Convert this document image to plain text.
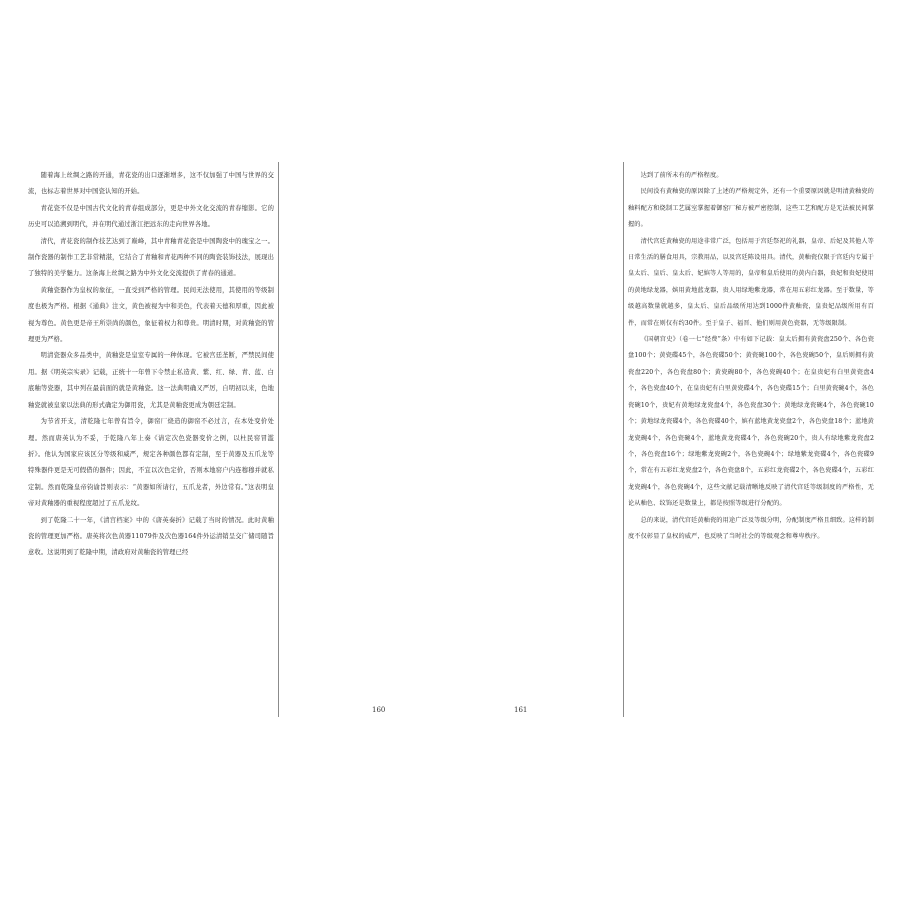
随着海上丝绸之路的开通，青花瓷的出口逐渐增多，这不仅加强了中国与世界的交流，也标志着世界对中国瓷认知的开始。

青花瓷不仅是中国古代文化的青春组成部分，更是中外文化交流的青春缩影。它的历史可以追溯到明代，并在明代通过浙江把远东的走向世界各地。

清代，青花瓷的制作技艺达到了巅峰，其中青釉青花瓷是中国陶瓷中的瑰宝之一。制作瓷器的制作工艺非常精湛，它结合了青釉和青花两种不同的陶瓷装饰技法，展现出了独特的美学魅力。这条海上丝绸之路为中外文化交流提供了青春的通道。

黄釉瓷器作为皇权的象征，一直受到严格的管理。民间无法使用，其使用的等级制度也极为严格。根据《通典》注文，黄色被视为中和美色，代表着天德和厚重，因此被视为尊色。黄色更是帝王所崇尚的颜色，象征着权力和尊贵。明清时期，对黄釉瓷的管理更为严格。

明清瓷器众多品类中，黄釉瓷是皇室专属的一种体现。它被宫廷垄断，严禁民间使用。据《明英宗实录》记载，正统十一年曾下令禁止私造黄、紫、红、绿、青、蓝、白底釉等瓷器，其中列在最前面的就是黄釉瓷。这一法典明确又严厉，自明初以来，色地釉瓷就被皇家以法典的形式确定为御用瓷，尤其是黄釉瓷更成为朝廷定制。

为节省开支，清乾隆七年曾有旨令，御窑厂烧造的御窑不必过言，在本处变价处理。然而唐英认为不妥，于乾隆八年上奏《请定次色瓷器变价之例，以杜民窑冒滥折》。他认为国家应该区分等级和威严，规定各种颜色都有定制，至于黄器及五爪龙等特殊器件更是无可假借的器件；因此，不宜以次色定价，否则本地窑户内连穆穆并就私定制。然而乾隆皇帝钧谕旨则表示：“黄器如所请行，五爪龙者，外边常有。”这表明皇帝对黄釉器的重视程度超过了五爪龙纹。

到了乾隆二十一年，《清宫档案》中的《唐英奏折》记载了当时的情况。此时黄釉瓷的管理更加严格。唐英将次色黄器11079件及次色器164件外运清销呈交广储司随旨意收。这说明到了乾隆中期，清政府对黄釉瓷的管理已经

160	161

达到了前所未有的严格程度。

民间没有黄釉瓷的原因除了上述的严格规定外，还有一个重要原因就是明清黄釉瓷的釉料配方和烧制工艺属室掌握着御窑厂秘方被严密控制，这些工艺和配方是无法被民间掌握的。

清代宫廷黄釉瓷的用途非常广泛，包括用于宫廷祭祀的礼器，皇帝、后妃及其他人等日常生活的膳食用具，宗教用品，以及宫廷陈设用具。清代，黄釉瓷仅限于宫廷内专属于皇太后、皇后、皇太后、妃嫔等人等用的，皇帝和皇后使用的黄内白器，贵妃和贵妃使用的黄地绿龙器，嫔用黄地蓝龙器，贵人用绿地紫龙器，常在用五彩红龙器。至于数量，等级越高数量就越多，皇太后、皇后品级所用达到1000件黄釉瓷，皇贵妃品级所用有百件，而常在则仅有约30件。至于皇子、福晋、他们则用黄色瓷器，无等级限制。

《国朝宫史》（卷一七“经费”条）中有如下记载：皇太后拥有黄瓷盘250个、各色瓷盘100个；黄瓷碟45个，各色瓷碟50个；黄瓷碗100个，各色瓷碗50个，皇后则拥有黄瓷盘220个，各色瓷盘80个；黄瓷碗80个，各色瓷碗40个；在皇贵妃有白里黄瓷盘4个，各色瓷盘40个，在皇贵妃有白里黄瓷碟4个，各色瓷碟15个；白里黄瓷碗4个，各色瓷碗10个，贵妃有黄地绿龙瓷盘4个，各色瓷盘30个；黄地绿龙瓷碗4个，各色瓷碗10个；黄地绿龙瓷碟4个，各色瓷碟40个，嫔有蓝地黄龙瓷盘2个，各色瓷盘18个；蓝地黄龙瓷碗4个，各色瓷碗4个，蓝地黄龙瓷碟4个，各色瓷碗20个，贵人有绿地紫龙瓷盘2个，各色瓷盘16个；绿地紫龙瓷碗2个，各色瓷碗4个；绿地紫龙瓷碟4个，各色瓷碟9个，常在有五彩红龙瓷盘2个，各色瓷盘8个，五彩红龙瓷碟2个，各色瓷碟4个，五彩红龙瓷碗4个，各色瓷碗4个，这些文献记载清晰地反映了清代宫廷等级制度的严格性，无论从釉色、纹饰还是数量上，都是按照等级进行分配的。

总的来说，清代宫廷黄釉瓷的用途广泛及等级分明，分配制度严格且细致。这样的制度不仅彰显了皇权的威严，也反映了当时社会的等级观念和尊卑秩序。
